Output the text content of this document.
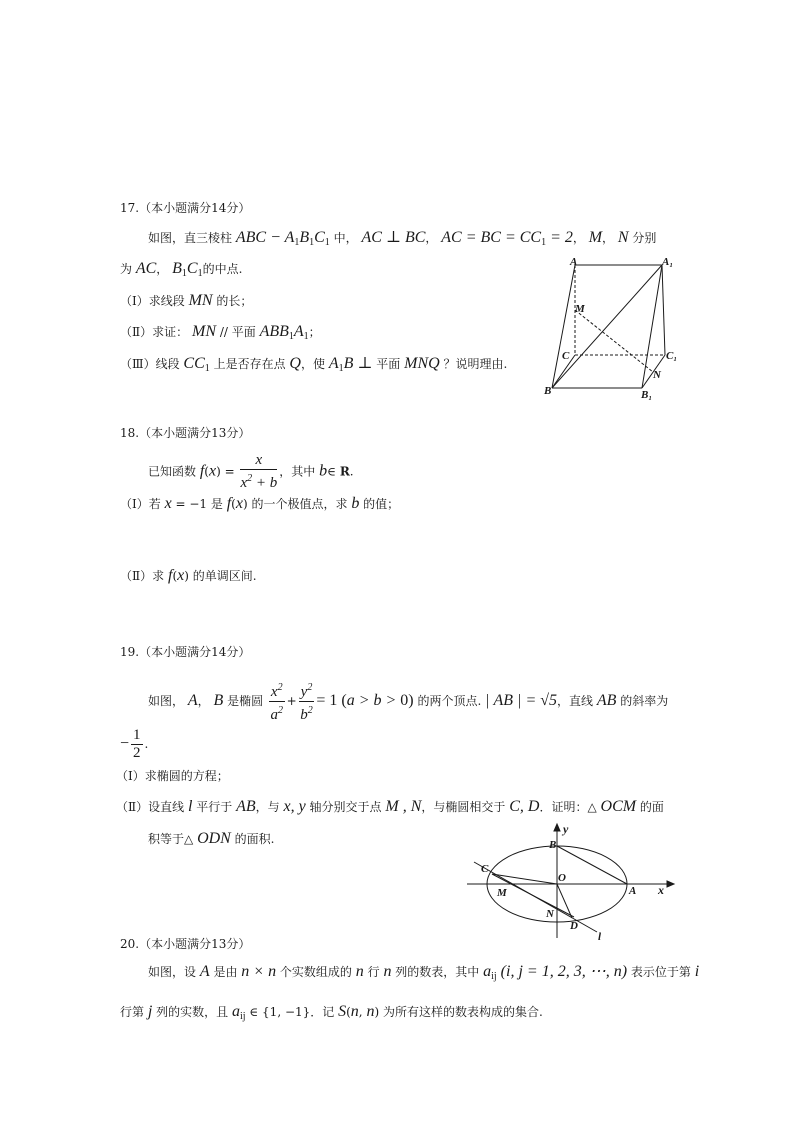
17.（本小题满分14分）
如图，直三棱柱 ABC − $A_1B_1C_1$ 中， AC ⊥ BC， AC = BC = $CC_1 = 2$， M， N 分别
为 AC， $B_1C_1$的中点.
（Ⅰ）求线段 MN 的长；
（Ⅱ）求证： MN // 平面 $ABB_1A_1$；
（Ⅲ）线段 $CC_1$ 上是否存在点 Q，使 $A_1B$ ⊥ 平面 MNQ ？说明理由.
A	A₁
M
C	C₁
N
B	B₁
18.（本小题满分13分）
已知函数 $f(x) = \frac{x}{x^2 + b}$ ，其中 b∈ R.
（Ⅰ）若 x = −1 是 f(x) 的一个极值点，求 b 的值；
（Ⅱ）求 f(x) 的单调区间.
19.（本小题满分14分）
如图， A， B 是椭圆 $\frac{x^2}{a^2} + \frac{y^2}{b^2} = 1$ (a > b > 0) 的两个顶点. | AB | = √5，直线 AB 的斜率为
− $\frac{1}{2}$ .
（Ⅰ）求椭圆的方程；
（Ⅱ）设直线 l 平行于 AB，与 x, y 轴分别交于点 M , N，与椭圆相交于 C, D．证明：△ OCM 的面
积等于△ ODN 的面积.
y
B
C
O
A x
M
N
D
l
20.（本小题满分13分）
如图，设 A 是由 n × n 个实数组成的 n 行 n 列的数表，其中 $a_{ij}$ (i, j = 1, 2, 3, ⋯, n) 表示位于第 i
行第 j 列的实数，且 $a_{ij}$ ∈ {1, −1}．记 S(n, n) 为所有这样的数表构成的集合.
